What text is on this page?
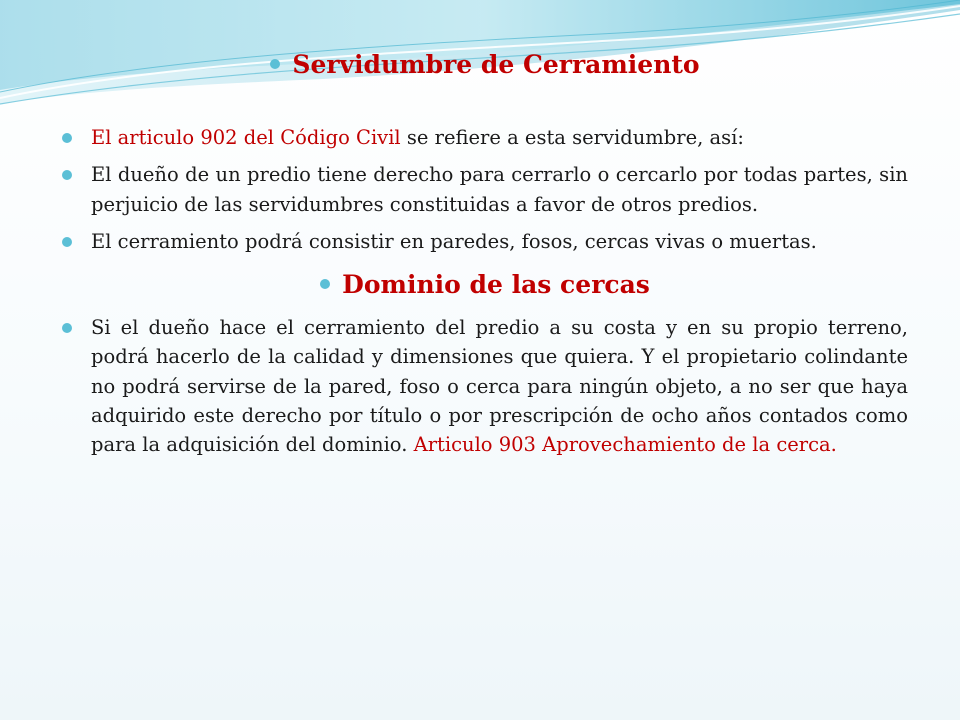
Servidumbre de Cerramiento
El articulo 902 del Código Civil se refiere a esta servidumbre, así:
El dueño de un predio tiene derecho para cerrarlo o cercarlo por todas partes, sin perjuicio de las servidumbres constituidas a favor de otros predios.
El cerramiento podrá consistir en paredes, fosos, cercas vivas o muertas.
Dominio de las cercas
Si el dueño hace el cerramiento del predio a su costa y en su propio terreno, podrá hacerlo de la calidad y dimensiones que quiera. Y el propietario colindante no podrá servirse de la pared, foso o cerca para ningún objeto, a no ser que haya adquirido este derecho por título o por prescripción de ocho años contados como para la adquisición del dominio. Articulo 903 Aprovechamiento de la cerca.
